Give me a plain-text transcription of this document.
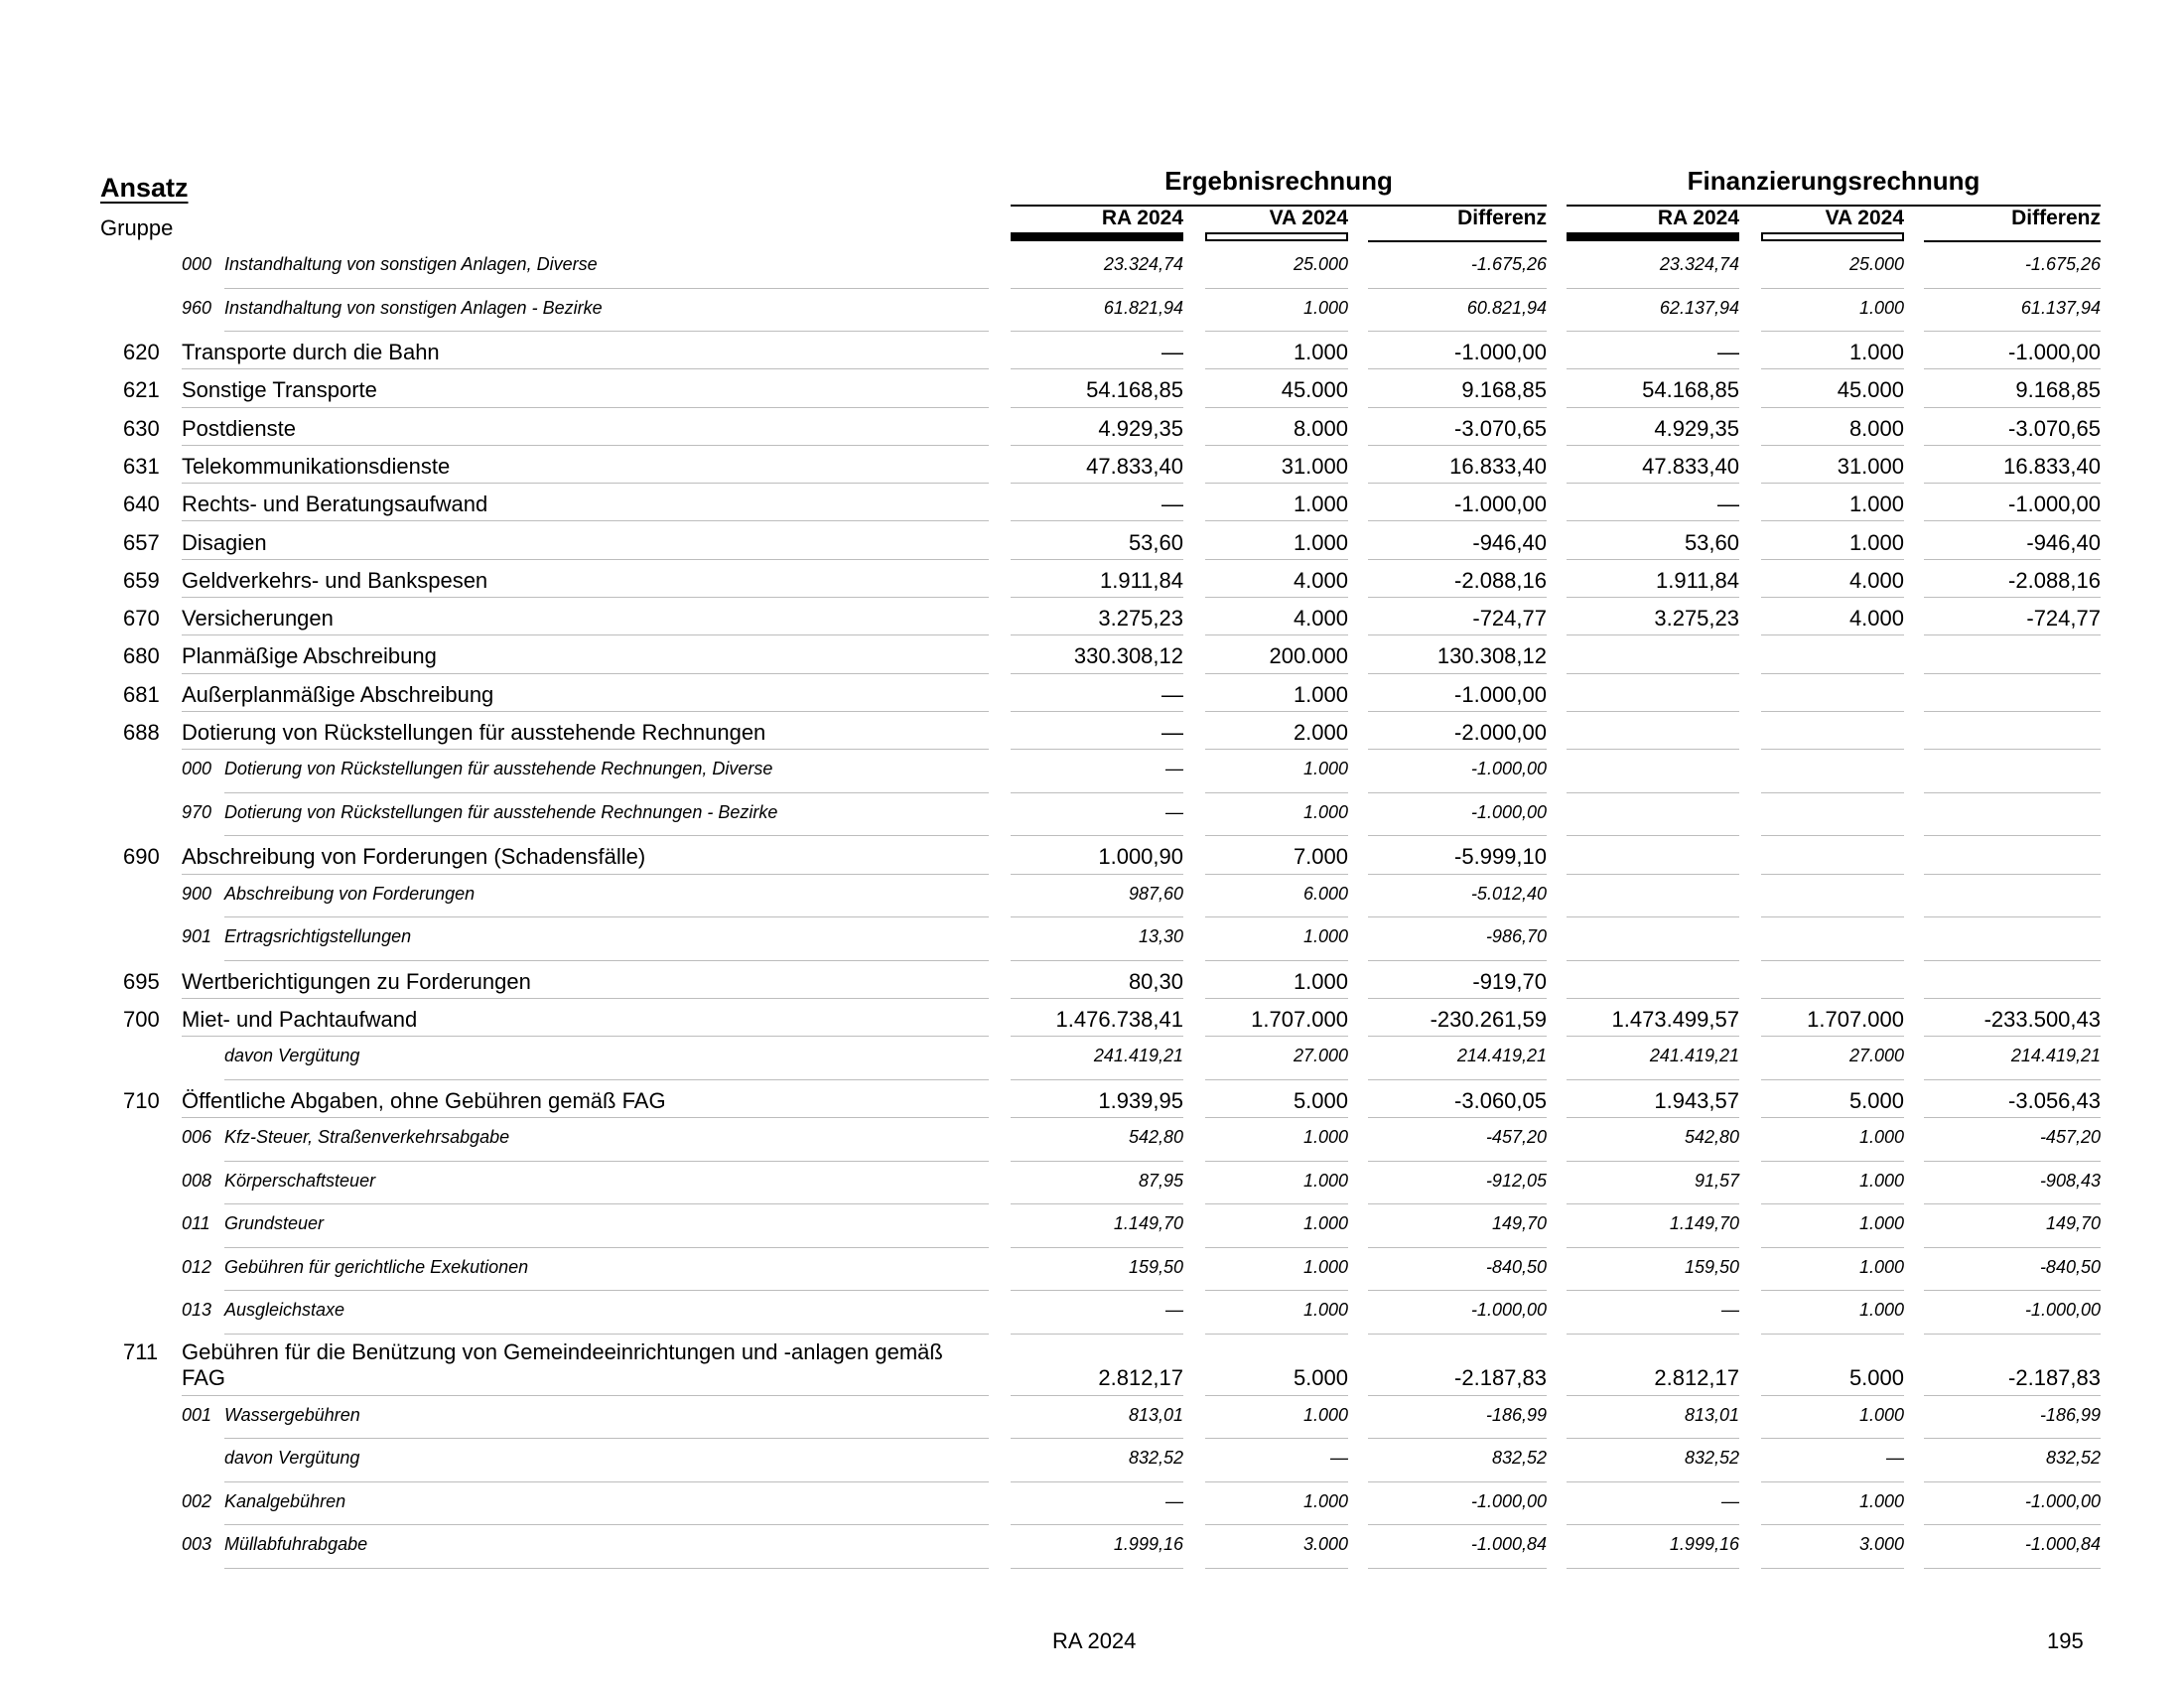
Ansatz
Gruppe
Ergebnisrechnung	Finanzierungsrechnung
RA 2024	VA 2024	Differenz	RA 2024	VA 2024	Differenz
000 Instandhaltung von sonstigen Anlagen, Diverse	23.324,74	25.000	-1.675,26	23.324,74	25.000	-1.675,26
960 Instandhaltung von sonstigen Anlagen - Bezirke	61.821,94	1.000	60.821,94	62.137,94	1.000	61.137,94
620 Transporte durch die Bahn	—	1.000	-1.000,00	—	1.000	-1.000,00
621 Sonstige Transporte	54.168,85	45.000	9.168,85	54.168,85	45.000	9.168,85
630 Postdienste	4.929,35	8.000	-3.070,65	4.929,35	8.000	-3.070,65
631 Telekommunikationsdienste	47.833,40	31.000	16.833,40	47.833,40	31.000	16.833,40
640 Rechts- und Beratungsaufwand	—	1.000	-1.000,00	—	1.000	-1.000,00
657 Disagien	53,60	1.000	-946,40	53,60	1.000	-946,40
659 Geldverkehrs- und Bankspesen	1.911,84	4.000	-2.088,16	1.911,84	4.000	-2.088,16
670 Versicherungen	3.275,23	4.000	-724,77	3.275,23	4.000	-724,77
680 Planmäßige Abschreibung	330.308,12	200.000	130.308,12
681 Außerplanmäßige Abschreibung	—	1.000	-1.000,00
688 Dotierung von Rückstellungen für ausstehende Rechnungen	—	2.000	-2.000,00
000 Dotierung von Rückstellungen für ausstehende Rechnungen, Diverse	—	1.000	-1.000,00
970 Dotierung von Rückstellungen für ausstehende Rechnungen - Bezirke	—	1.000	-1.000,00
690 Abschreibung von Forderungen (Schadensfälle)	1.000,90	7.000	-5.999,10
900 Abschreibung von Forderungen	987,60	6.000	-5.012,40
901 Ertragsrichtigstellungen	13,30	1.000	-986,70
695 Wertberichtigungen zu Forderungen	80,30	1.000	-919,70
700 Miet- und Pachtaufwand	1.476.738,41	1.707.000	-230.261,59	1.473.499,57	1.707.000	-233.500,43
davon Vergütung	241.419,21	27.000	214.419,21	241.419,21	27.000	214.419,21
710 Öffentliche Abgaben, ohne Gebühren gemäß FAG	1.939,95	5.000	-3.060,05	1.943,57	5.000	-3.056,43
006 Kfz-Steuer, Straßenverkehrsabgabe	542,80	1.000	-457,20	542,80	1.000	-457,20
008 Körperschaftsteuer	87,95	1.000	-912,05	91,57	1.000	-908,43
011 Grundsteuer	1.149,70	1.000	149,70	1.149,70	1.000	149,70
012 Gebühren für gerichtliche Exekutionen	159,50	1.000	-840,50	159,50	1.000	-840,50
013 Ausgleichstaxe	—	1.000	-1.000,00	—	1.000	-1.000,00
711 Gebühren für die Benützung von Gemeindeeinrichtungen und -anlagen gemäß
FAG	2.812,17	5.000	-2.187,83	2.812,17	5.000	-2.187,83
001 Wassergebühren	813,01	1.000	-186,99	813,01	1.000	-186,99
davon Vergütung	832,52	—	832,52	832,52	—	832,52
002 Kanalgebühren	—	1.000	-1.000,00	—	1.000	-1.000,00
003 Müllabfuhrabgabe	1.999,16	3.000	-1.000,84	1.999,16	3.000	-1.000,84
RA 2024	195
